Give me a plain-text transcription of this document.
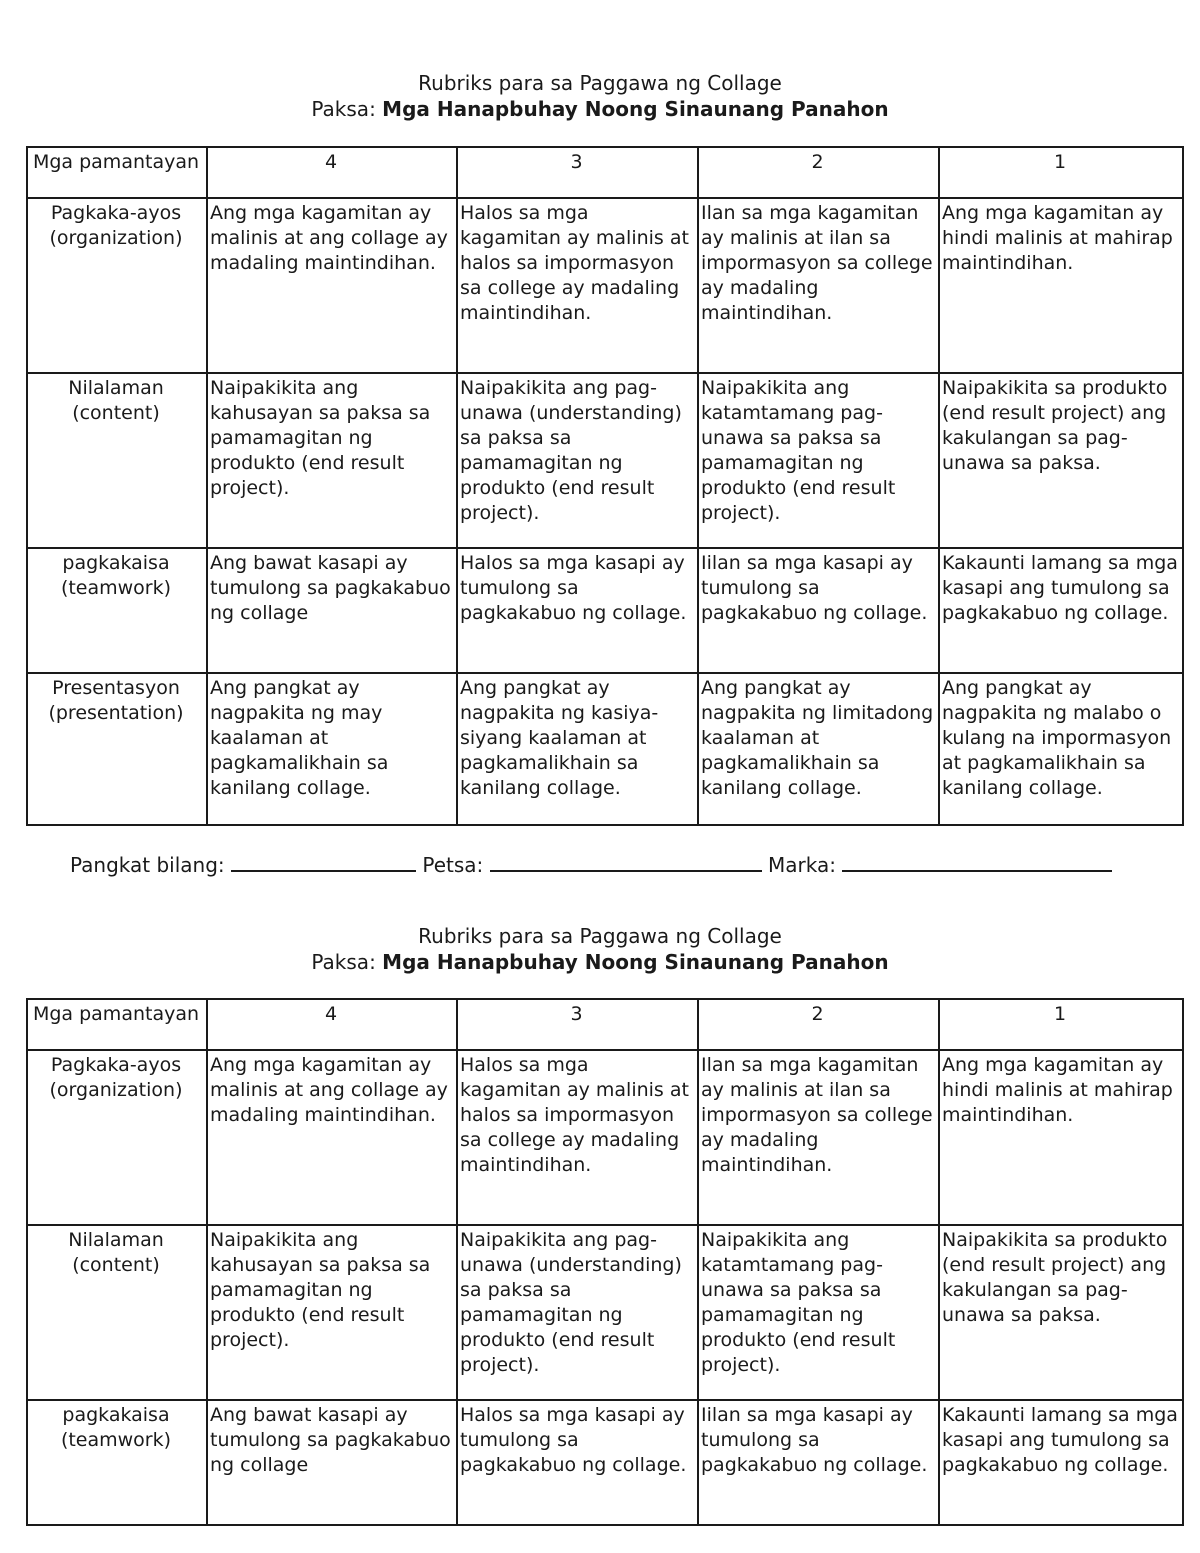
Rubriks para sa Paggawa ng Collage
Paksa: Mga Hanapbuhay Noong Sinaunang Panahon
Mga pamantayan	4	3	2	1
Pagkaka-ayos (organization)	Ang mga kagamitan ay malinis at ang collage ay madaling maintindihan.	Halos sa mga kagamitan ay malinis at halos sa impormasyon sa college ay madaling maintindihan.	Ilan sa mga kagamitan ay malinis at ilan sa impormasyon sa college ay madaling maintindihan.	Ang mga kagamitan ay hindi malinis at mahirap maintindihan.
Nilalaman (content)	Naipakikita ang kahusayan sa paksa sa pamamagitan ng produkto (end result project).	Naipakikita ang pag-unawa (understanding) sa paksa sa pamamagitan ng produkto (end result project).	Naipakikita ang katamtamang pag-unawa sa paksa sa pamamagitan ng produkto (end result project).	Naipakikita sa produkto (end result project) ang kakulangan sa pag-unawa sa paksa.
pagkakaisa (teamwork)	Ang bawat kasapi ay tumulong sa pagkakabuo ng collage	Halos sa mga kasapi ay tumulong sa pagkakabuo ng collage.	Iilan sa mga kasapi ay tumulong sa pagkakabuo ng collage.	Kakaunti lamang sa mga kasapi ang tumulong sa pagkakabuo ng collage.
Presentasyon (presentation)	Ang pangkat ay nagpakita ng may kaalaman at pagkamalikhain sa kanilang collage.	Ang pangkat ay nagpakita ng kasiya-siyang kaalaman at pagkamalikhain sa kanilang collage.	Ang pangkat ay nagpakita ng limitadong kaalaman at pagkamalikhain sa kanilang collage.	Ang pangkat ay nagpakita ng malabo o kulang na impormasyon at pagkamalikhain sa kanilang collage.
Pangkat bilang:	Petsa:	Marka:
Rubriks para sa Paggawa ng Collage
Paksa: Mga Hanapbuhay Noong Sinaunang Panahon
Mga pamantayan	4	3	2	1
Pagkaka-ayos (organization)	Ang mga kagamitan ay malinis at ang collage ay madaling maintindihan.	Halos sa mga kagamitan ay malinis at halos sa impormasyon sa college ay madaling maintindihan.	Ilan sa mga kagamitan ay malinis at ilan sa impormasyon sa college ay madaling maintindihan.	Ang mga kagamitan ay hindi malinis at mahirap maintindihan.
Nilalaman (content)	Naipakikita ang kahusayan sa paksa sa pamamagitan ng produkto (end result project).	Naipakikita ang pag-unawa (understanding) sa paksa sa pamamagitan ng produkto (end result project).	Naipakikita ang katamtamang pag-unawa sa paksa sa pamamagitan ng produkto (end result project).	Naipakikita sa produkto (end result project) ang kakulangan sa pag-unawa sa paksa.
pagkakaisa (teamwork)	Ang bawat kasapi ay tumulong sa pagkakabuo ng collage	Halos sa mga kasapi ay tumulong sa pagkakabuo ng collage.	Iilan sa mga kasapi ay tumulong sa pagkakabuo ng collage.	Kakaunti lamang sa mga kasapi ang tumulong sa pagkakabuo ng collage.
